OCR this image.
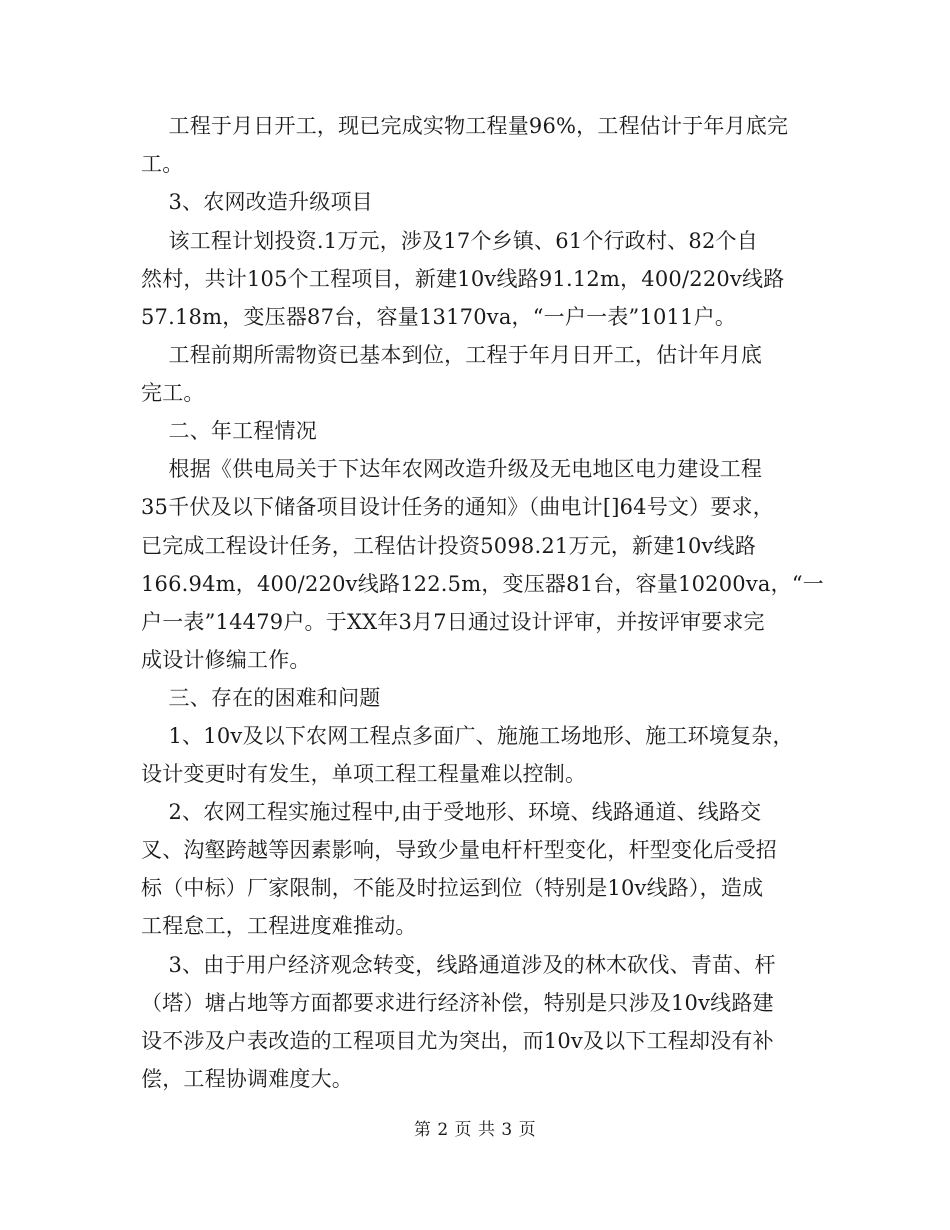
工程于月日开工，现已完成实物工程量96%，工程估计于年月底完
工。
3、农网改造升级项目
该工程计划投资.1万元，涉及17个乡镇、61个行政村、82个自
然村，共计105个工程项目，新建10v线路91.12m，400/220v线路
57.18m，变压器87台，容量13170va，“一户一表”1011户。
工程前期所需物资已基本到位，工程于年月日开工，估计年月底
完工。
二、年工程情况
根据《供电局关于下达年农网改造升级及无电地区电力建设工程
35千伏及以下储备项目设计任务的通知》（曲电计[]64号文）要求，
已完成工程设计任务，工程估计投资5098.21万元，新建10v线路
166.94m，400/220v线路122.5m，变压器81台，容量10200va，“一
户一表”14479户。于XX年3月7日通过设计评审，并按评审要求完
成设计修编工作。
三、存在的困难和问题
1、10v及以下农网工程点多面广、施施工场地形、施工环境复杂，
设计变更时有发生，单项工程工程量难以控制。
2、农网工程实施过程中,由于受地形、环境、线路通道、线路交
叉、沟壑跨越等因素影响，导致少量电杆杆型变化，杆型变化后受招
标（中标）厂家限制，不能及时拉运到位（特别是10v线路），造成
工程怠工，工程进度难推动。
3、由于用户经济观念转变，线路通道涉及的林木砍伐、青苗、杆
（塔）塘占地等方面都要求进行经济补偿，特别是只涉及10v线路建
设不涉及户表改造的工程项目尤为突出，而10v及以下工程却没有补
偿，工程协调难度大。
第 2 页 共 3 页
